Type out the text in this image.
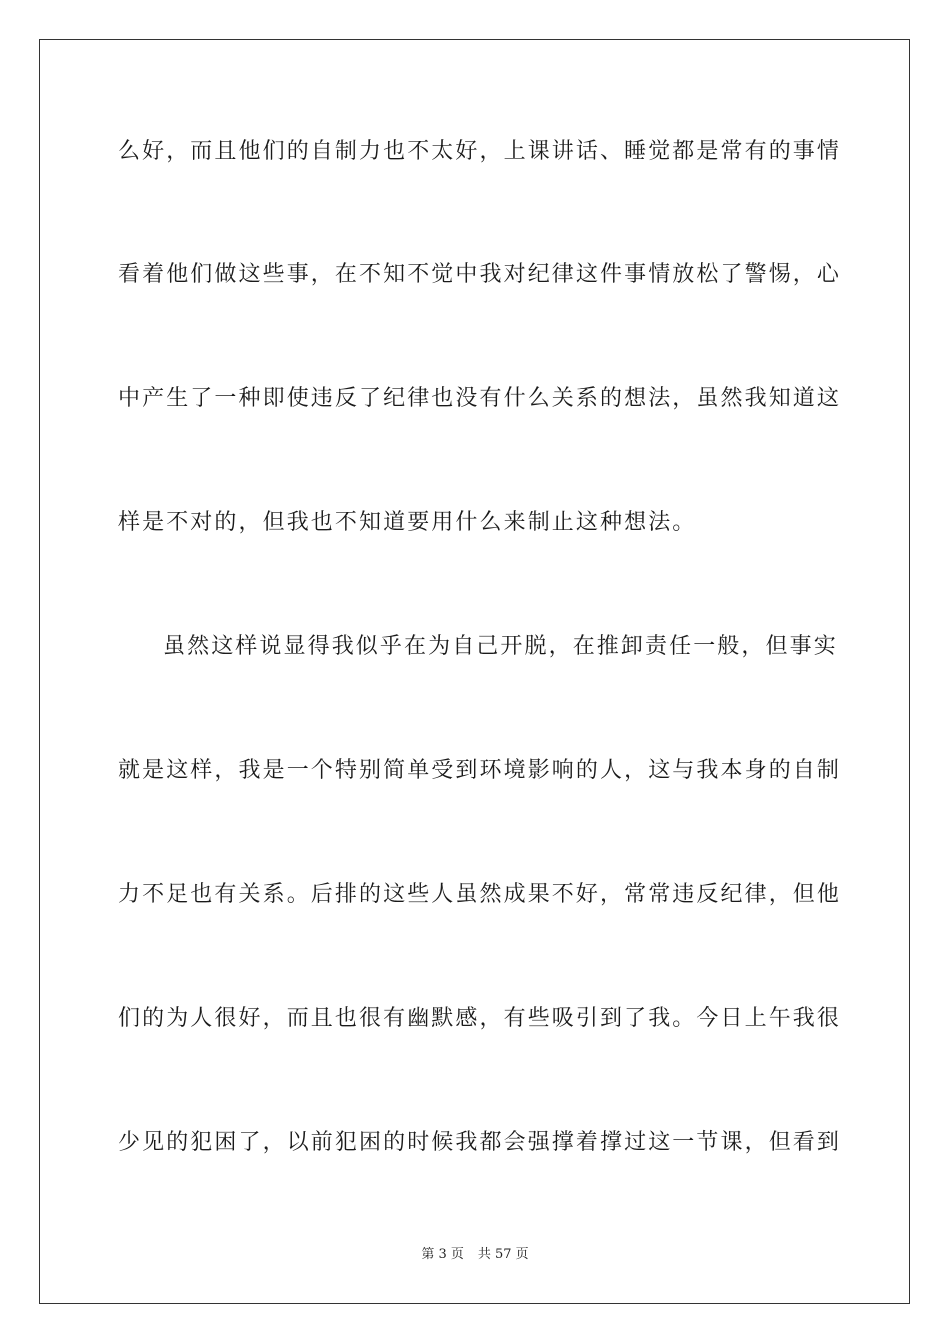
么好，而且他们的自制力也不太好，上课讲话、睡觉都是常有的事情
看着他们做这些事，在不知不觉中我对纪律这件事情放松了警惕，心
中产生了一种即使违反了纪律也没有什么关系的想法，虽然我知道这
样是不对的，但我也不知道要用什么来制止这种想法。
虽然这样说显得我似乎在为自己开脱，在推卸责任一般，但事实
就是这样，我是一个特别简单受到环境影响的人，这与我本身的自制
力不足也有关系。后排的这些人虽然成果不好，常常违反纪律，但他
们的为人很好，而且也很有幽默感，有些吸引到了我。今日上午我很
少见的犯困了，以前犯困的时候我都会强撑着撑过这一节课，但看到
第 3 页 共 57 页
